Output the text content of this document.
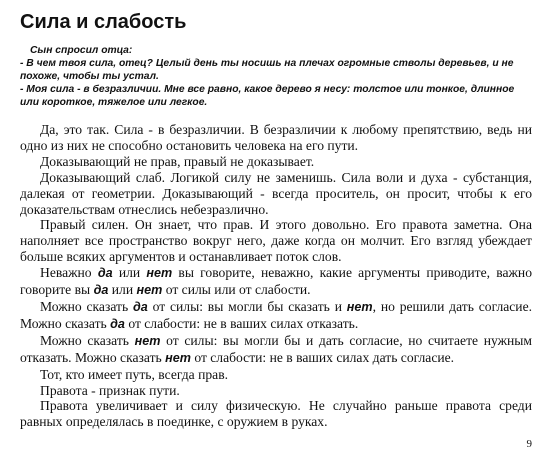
Сила и слабость

Сын спросил отца:

- В чем твоя сила, отец? Целый день ты носишь на плечах огромные стволы деревьев, и не похоже, чтобы ты устал.

- Моя сила - в безразличии. Мне все равно, какое дерево я несу: толстое или тонкое, длинное или короткое, тяжелое или легкое.

Да, это так. Сила - в безразличии. В безразличии к любому препятствию, ведь ни одно из них не способно остановить человека на его пути.

Доказывающий не прав, правый не доказывает.

Доказывающий слаб. Логикой силу не заменишь. Сила воли и духа - субстанция, далекая от геометрии. Доказывающий - всегда проситель, он просит, чтобы к его доказательствам отнеслись небезразлично.

Правый силен. Он знает, что прав. И этого довольно. Его правота заметна. Она наполняет все пространство вокруг него, даже когда он молчит. Его взгляд убеждает больше всяких аргументов и останавливает поток слов.

Неважно да или нет вы говорите, неважно, какие аргументы приводите, важно говорите вы да или нет от силы или от слабости.

Можно сказать да от силы: вы могли бы сказать и нет, но решили дать согласие. Можно сказать да от слабости: не в ваших силах отказать.

Можно сказать нет от силы: вы могли бы и дать согласие, но считаете нужным отказать. Можно сказать нет от слабости: не в ваших силах дать согласие.

Тот, кто имеет путь, всегда прав.

Правота - признак пути.

Правота увеличивает и силу физическую. Не случайно раньше правота среди равных определялась в поединке, с оружием в руках.

9
